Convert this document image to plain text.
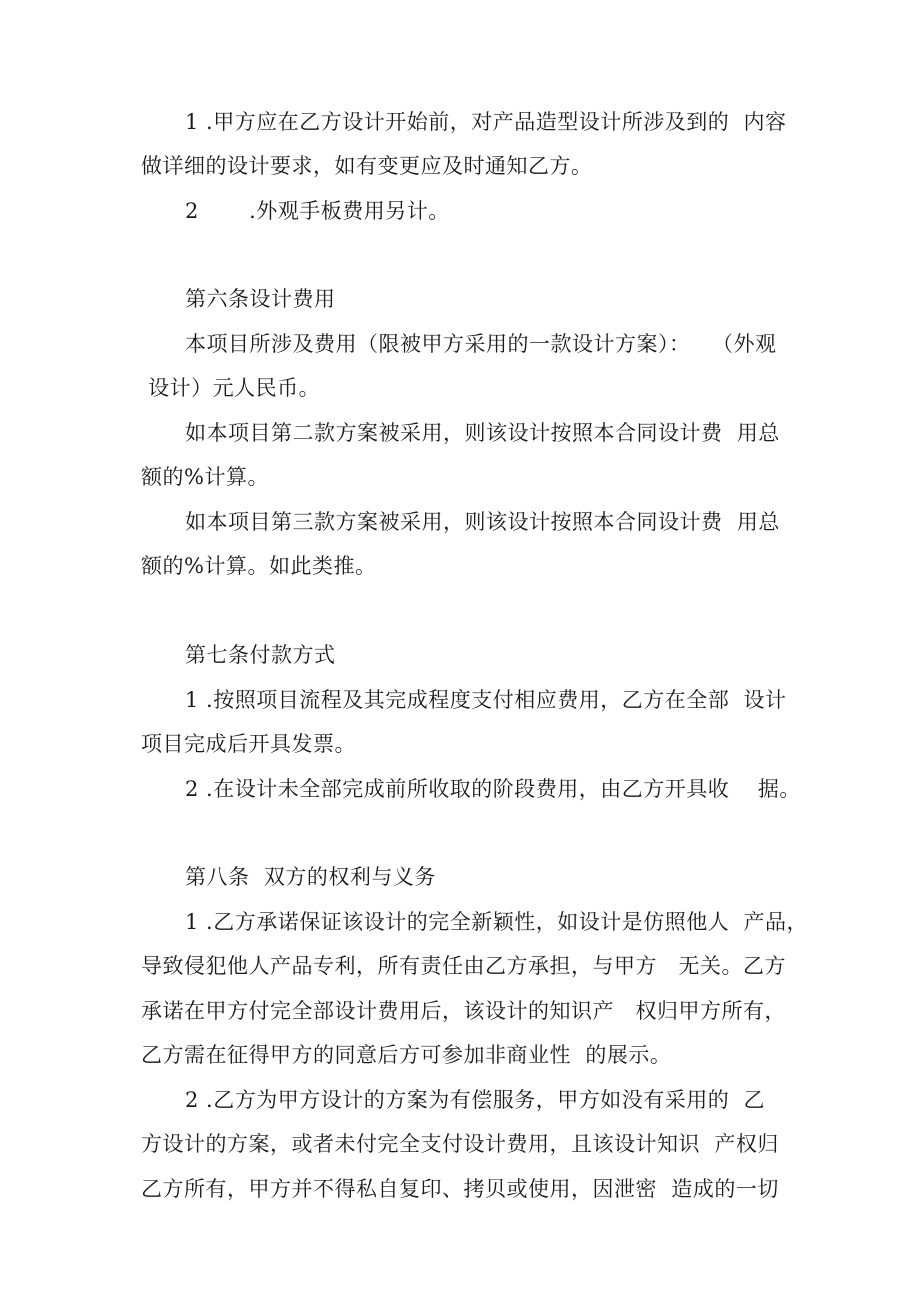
1 .甲方应在乙方设计开始前，对产品造型设计所涉及到的  内容
做详细的设计要求，如有变更应及时通知乙方。
2       .外观手板费用另计。
第六条设计费用
本项目所涉及费用（限被甲方采用的一款设计方案）：   （外观
设计）元人民币。
如本项目第二款方案被采用，则该设计按照本合同设计费  用总
额的%计算。
如本项目第三款方案被采用，则该设计按照本合同设计费  用总
额的%计算。如此类推。
第七条付款方式
1 .按照项目流程及其完成程度支付相应费用，乙方在全部  设计
项目完成后开具发票。
2 .在设计未全部完成前所收取的阶段费用，由乙方开具收    据。
第八条  双方的权利与义务
1 .乙方承诺保证该设计的完全新颖性，如设计是仿照他人  产品，
导致侵犯他人产品专利，所有责任由乙方承担，与甲方   无关。乙方
承诺在甲方付完全部设计费用后，该设计的知识产   权归甲方所有，
乙方需在征得甲方的同意后方可参加非商业性  的展示。
2 .乙方为甲方设计的方案为有偿服务，甲方如没有采用的  乙
方设计的方案，或者未付完全支付设计费用，且该设计知识  产权归
乙方所有，甲方并不得私自复印、拷贝或使用，因泄密  造成的一切
